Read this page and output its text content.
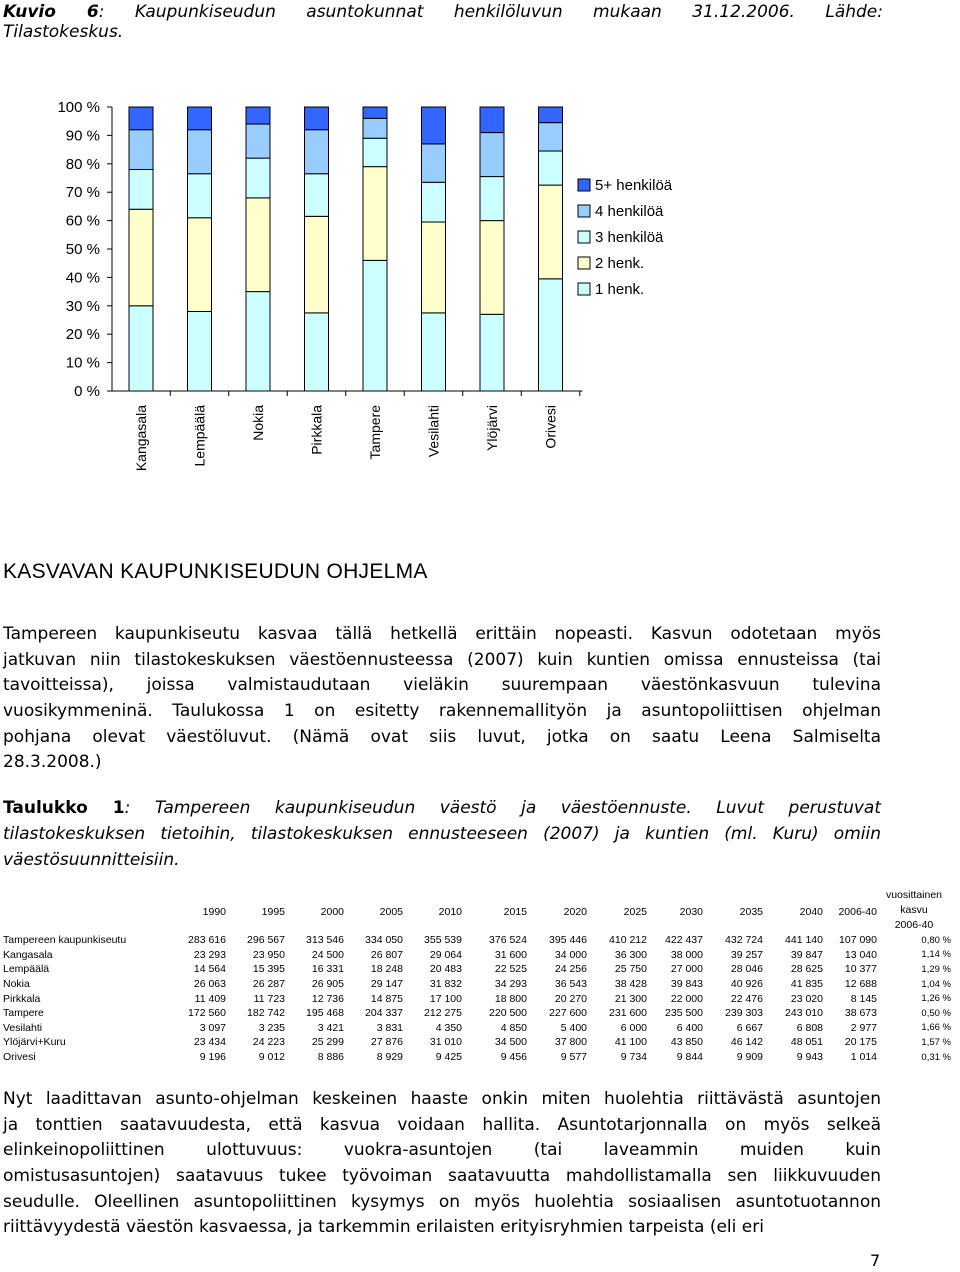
Kuvio 6: Kaupunkiseudun asuntokunnat henkilöluvun mukaan 31.12.2006. Lähde:
Tilastokeskus.
100 %
90 %
80 %
70 %
60 %
50 %
40 %
30 %
20 %
10 %
0 %
Kangasala	Lempäälä	Nokia	Pirkkala	Tampere	Vesilahti	Ylöjärvi	Orivesi
5+ henkilöä
4 henkilöä
3 henkilöä
2 henk.
1 henk.
KASVAVAN KAUPUNKISEUDUN OHJELMA
Tampereen kaupunkiseutu kasvaa tällä hetkellä erittäin nopeasti. Kasvun odotetaan myös
jatkuvan niin tilastokeskuksen väestöennusteessa (2007) kuin kuntien omissa ennusteissa (tai
tavoitteissa), joissa valmistaudutaan vieläkin suurempaan väestönkasvuun tulevina
vuosikymmeninä. Taulukossa 1 on esitetty rakennemallityön ja asuntopoliittisen ohjelman
pohjana olevat väestöluvut. (Nämä ovat siis luvut, jotka on saatu Leena Salmiselta
28.3.2008.)
Taulukko 1: Tampereen kaupunkiseudun väestö ja väestöennuste. Luvut perustuvat
tilastokeskuksen tietoihin, tilastokeskuksen ennusteeseen (2007) ja kuntien (ml. Kuru) omiin
väestösuunnitteisiin.
	1990	1995	2000	2005	2010	2015	2020	2025	2030	2035	2040	2006-40	vuosittainen
kasvu
2006-40

Tampereen kaupunkiseutu	283 616	296 567	313 546	334 050	355 539	376 524	395 446	410 212	422 437	432 724	441 140	107 090	0,80 %
Kangasala	23 293	23 950	24 500	26 807	29 064	31 600	34 000	36 300	38 000	39 257	39 847	13 040	1,14 %
Lempäälä	14 564	15 395	16 331	18 248	20 483	22 525	24 256	25 750	27 000	28 046	28 625	10 377	1,29 %
Nokia	26 063	26 287	26 905	29 147	31 832	34 293	36 543	38 428	39 843	40 926	41 835	12 688	1,04 %
Pirkkala	11 409	11 723	12 736	14 875	17 100	18 800	20 270	21 300	22 000	22 476	23 020	8 145	1,26 %
Tampere	172 560	182 742	195 468	204 337	212 275	220 500	227 600	231 600	235 500	239 303	243 010	38 673	0,50 %
Vesilahti	3 097	3 235	3 421	3 831	4 350	4 850	5 400	6 000	6 400	6 667	6 808	2 977	1,66 %
Ylöjärvi+Kuru	23 434	24 223	25 299	27 876	31 010	34 500	37 800	41 100	43 850	46 142	48 051	20 175	1,57 %
Orivesi	9 196	9 012	8 886	8 929	9 425	9 456	9 577	9 734	9 844	9 909	9 943	1 014	0,31 %
Nyt laadittavan asunto-ohjelman keskeinen haaste onkin miten huolehtia riittävästä asuntojen
ja tonttien saatavuudesta, että kasvua voidaan hallita. Asuntotarjonnalla on myös selkeä
elinkeinopoliittinen ulottuvuus: vuokra-asuntojen (tai laveammin muiden kuin
omistusasuntojen) saatavuus tukee työvoiman saatavuutta mahdollistamalla sen liikkuvuuden
seudulle. Oleellinen asuntopoliittinen kysymys on myös huolehtia sosiaalisen asuntotuotannon
riittävyydestä väestön kasvaessa, ja tarkemmin erilaisten erityisryhmien tarpeista (eli eri
7
